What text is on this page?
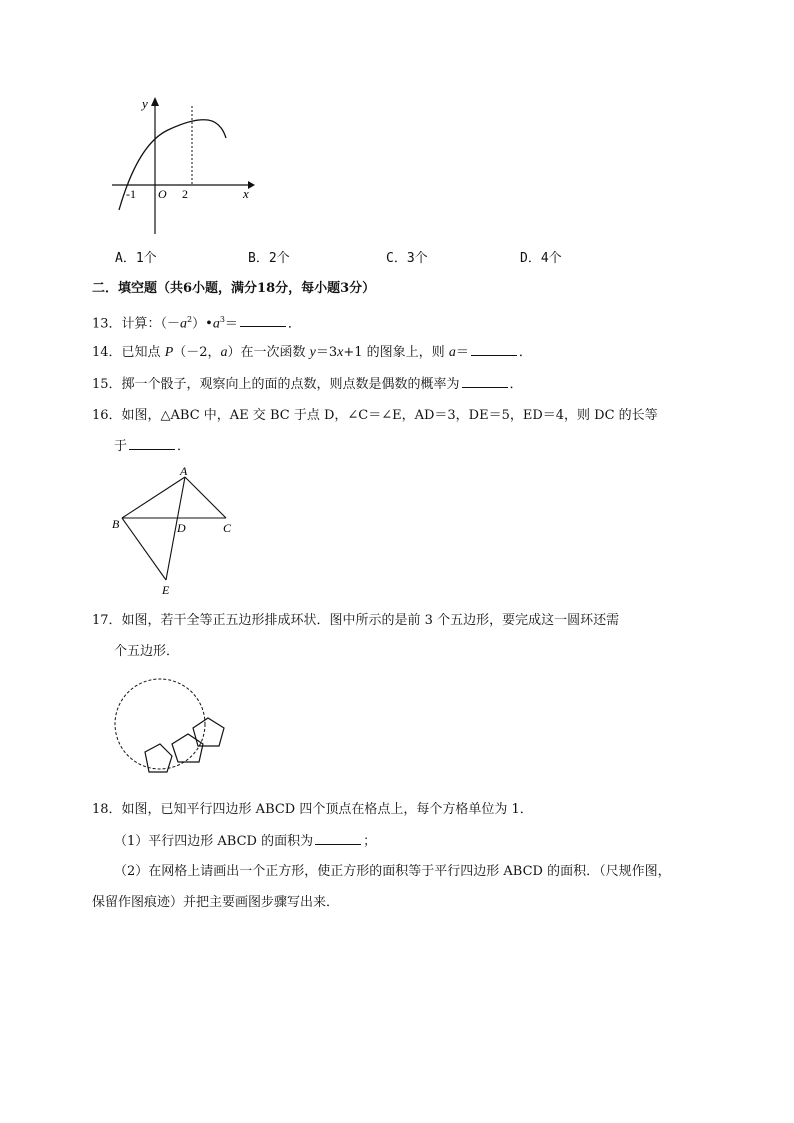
y
x
-1 O 2
A．1个	B．2个	C．3个	D．4个
二．填空题（共6小题，满分18分，每小题3分）
13．计算：$(-a^2)•a^3=$	．
14．已知点 P（－2，a）在一次函数 y＝3x+1 的图象上，则 a＝	．
15．掷一个骰子，观察向上的面的点数，则点数是偶数的概率为	．
16．如图，△ABC 中，AE 交 BC 于点 D，∠C＝∠E，AD＝3，DE＝5，ED＝4，则 DC 的长等
于	．
A
B	C
D
E
17．如图，若干全等正五边形排成环状．图中所示的是前 3 个五边形，要完成这一圆环还需
个五边形．
18．如图，已知平行四边形 ABCD 四个顶点在格点上，每个方格单位为 1．
（1）平行四边形 ABCD 的面积为	；
（2）在网格上请画出一个正方形，使正方形的面积等于平行四边形 ABCD 的面积．（尺规作图，
保留作图痕迹）并把主要画图步骤写出来．
